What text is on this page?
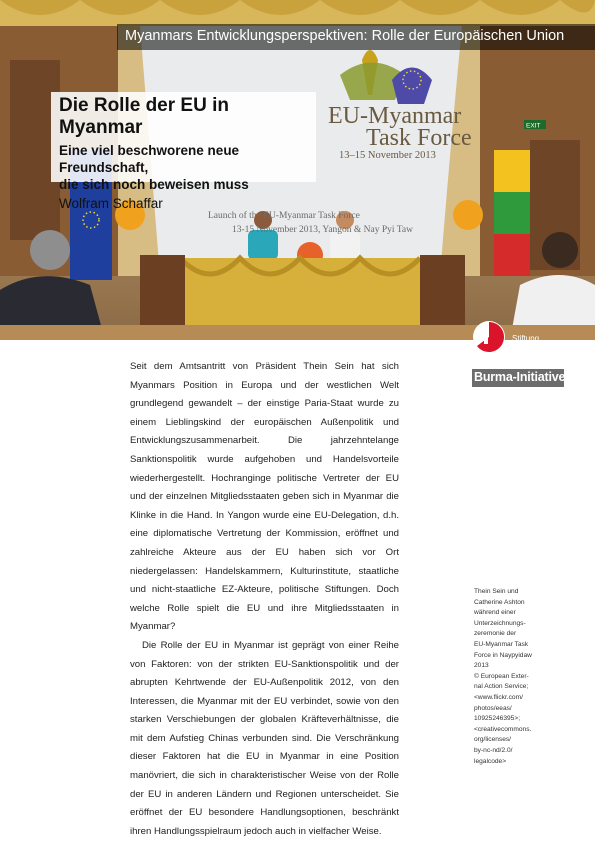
EU-Myanmar
Task Force
13–15 November 2013
Launch of the EU-Myanmar Task Force
13-15 November 2013, Yangon & Nay Pyi Taw
EXIT
Myanmars Entwicklungsperspektiven: Rolle der Europäischen Union
Die Rolle der EU in Myanmar
Eine viel beschworene neue Freundschaft,
die sich noch beweisen muss
Wolfram Schaffar
Stiftung
Asienhaus
Burma-Initiative

Seit dem Amtsantritt von Präsident Thein Sein hat sich Myanmars Position in Europa und der westlichen Welt grundlegend gewandelt – der einstige Paria-Staat wurde zu einem Lieblingskind der europäischen Außenpolitik und Entwicklungszusammenarbeit. Die jahrzehntelange Sanktionspolitik wurde aufgehoben und Handelsvorteile wiederhergestellt. Hochranginge politische Vertreter der EU und der einzelnen Mitgliedsstaaten geben sich in Myanmar die Klinke in die Hand. In Yangon wurde eine EU-Delegation, d.h. eine diplomatische Vertretung der Kommission, eröffnet und zahlreiche Akteure aus der EU haben sich vor Ort niedergelassen: Handelskammern, Kulturinstitute, staatliche und nicht-staatliche EZ-Akteure, politische Stiftungen. Doch welche Rolle spielt die EU und ihre Mitgliedsstaaten in Myanmar?

Die Rolle der EU in Myanmar ist geprägt von einer Reihe von Faktoren: von der strikten EU-Sanktionspolitik und der abrupten Kehrtwende der EU-Außenpolitik 2012, von den Interessen, die Myanmar mit der EU verbindet, sowie von den starken Verschiebungen der globalen Kräfteverhältnisse, die mit dem Aufstieg Chinas verbunden sind. Die Verschränkung dieser Faktoren hat die EU in Myanmar in eine Position manövriert, die sich in charakteristischer Weise von der Rolle der EU in anderen Ländern und Regionen unterscheidet. Sie eröffnet der EU besondere Handlungsoptionen, beschränkt ihren Handlungsspielraum jedoch auch in vielfacher Weise.

Thein Sein und
Catherine Ashton
während einer
Unterzeichnungs-
zeremonie der
EU-Myanmar Task
Force in Naypyidaw
2013
© European Exter-
nal Action Service;
<www.flickr.com/
photos/eeas/
10925246395>;
<creativecommons.
org/licenses/
by-nc-nd/2.0/
legalcode>
